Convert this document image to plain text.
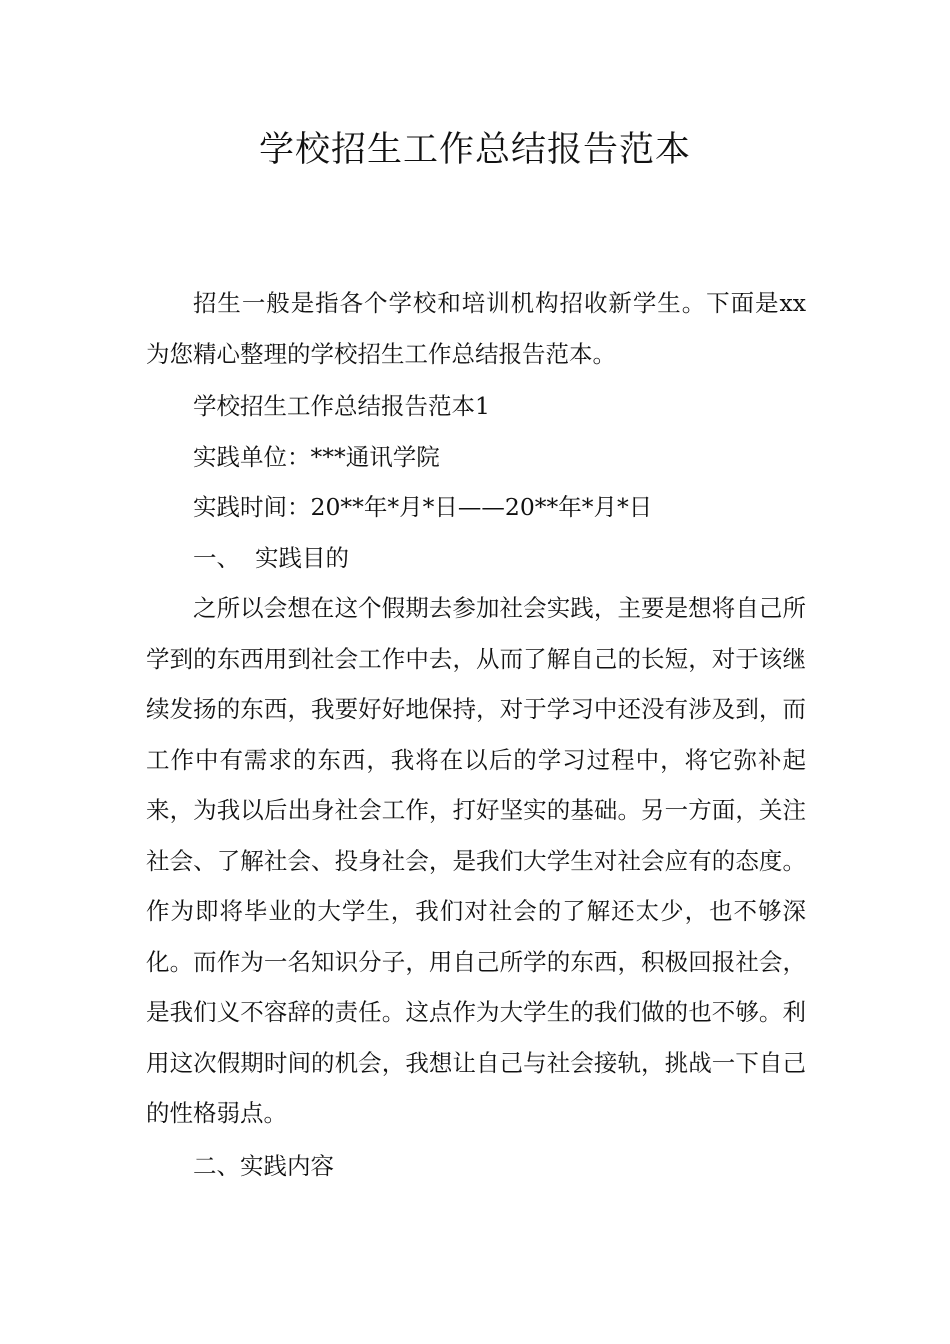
学校招生工作总结报告范本

招生一般是指各个学校和培训机构招收新学生。下面是xx为您精心整理的学校招生工作总结报告范本。

学校招生工作总结报告范本1

实践单位：***通讯学院

实践时间：20**年*月*日——20**年*月*日

一、  实践目的

之所以会想在这个假期去参加社会实践，主要是想将自己所学到的东西用到社会工作中去，从而了解自己的长短，对于该继续发扬的东西，我要好好地保持，对于学习中还没有涉及到，而工作中有需求的东西，我将在以后的学习过程中，将它弥补起来，为我以后出身社会工作，打好坚实的基础。另一方面，关注社会、了解社会、投身社会，是我们大学生对社会应有的态度。作为即将毕业的大学生，我们对社会的了解还太少，也不够深化。而作为一名知识分子，用自己所学的东西，积极回报社会，是我们义不容辞的责任。这点作为大学生的我们做的也不够。利用这次假期时间的机会，我想让自己与社会接轨，挑战一下自己的性格弱点。

二、实践内容
